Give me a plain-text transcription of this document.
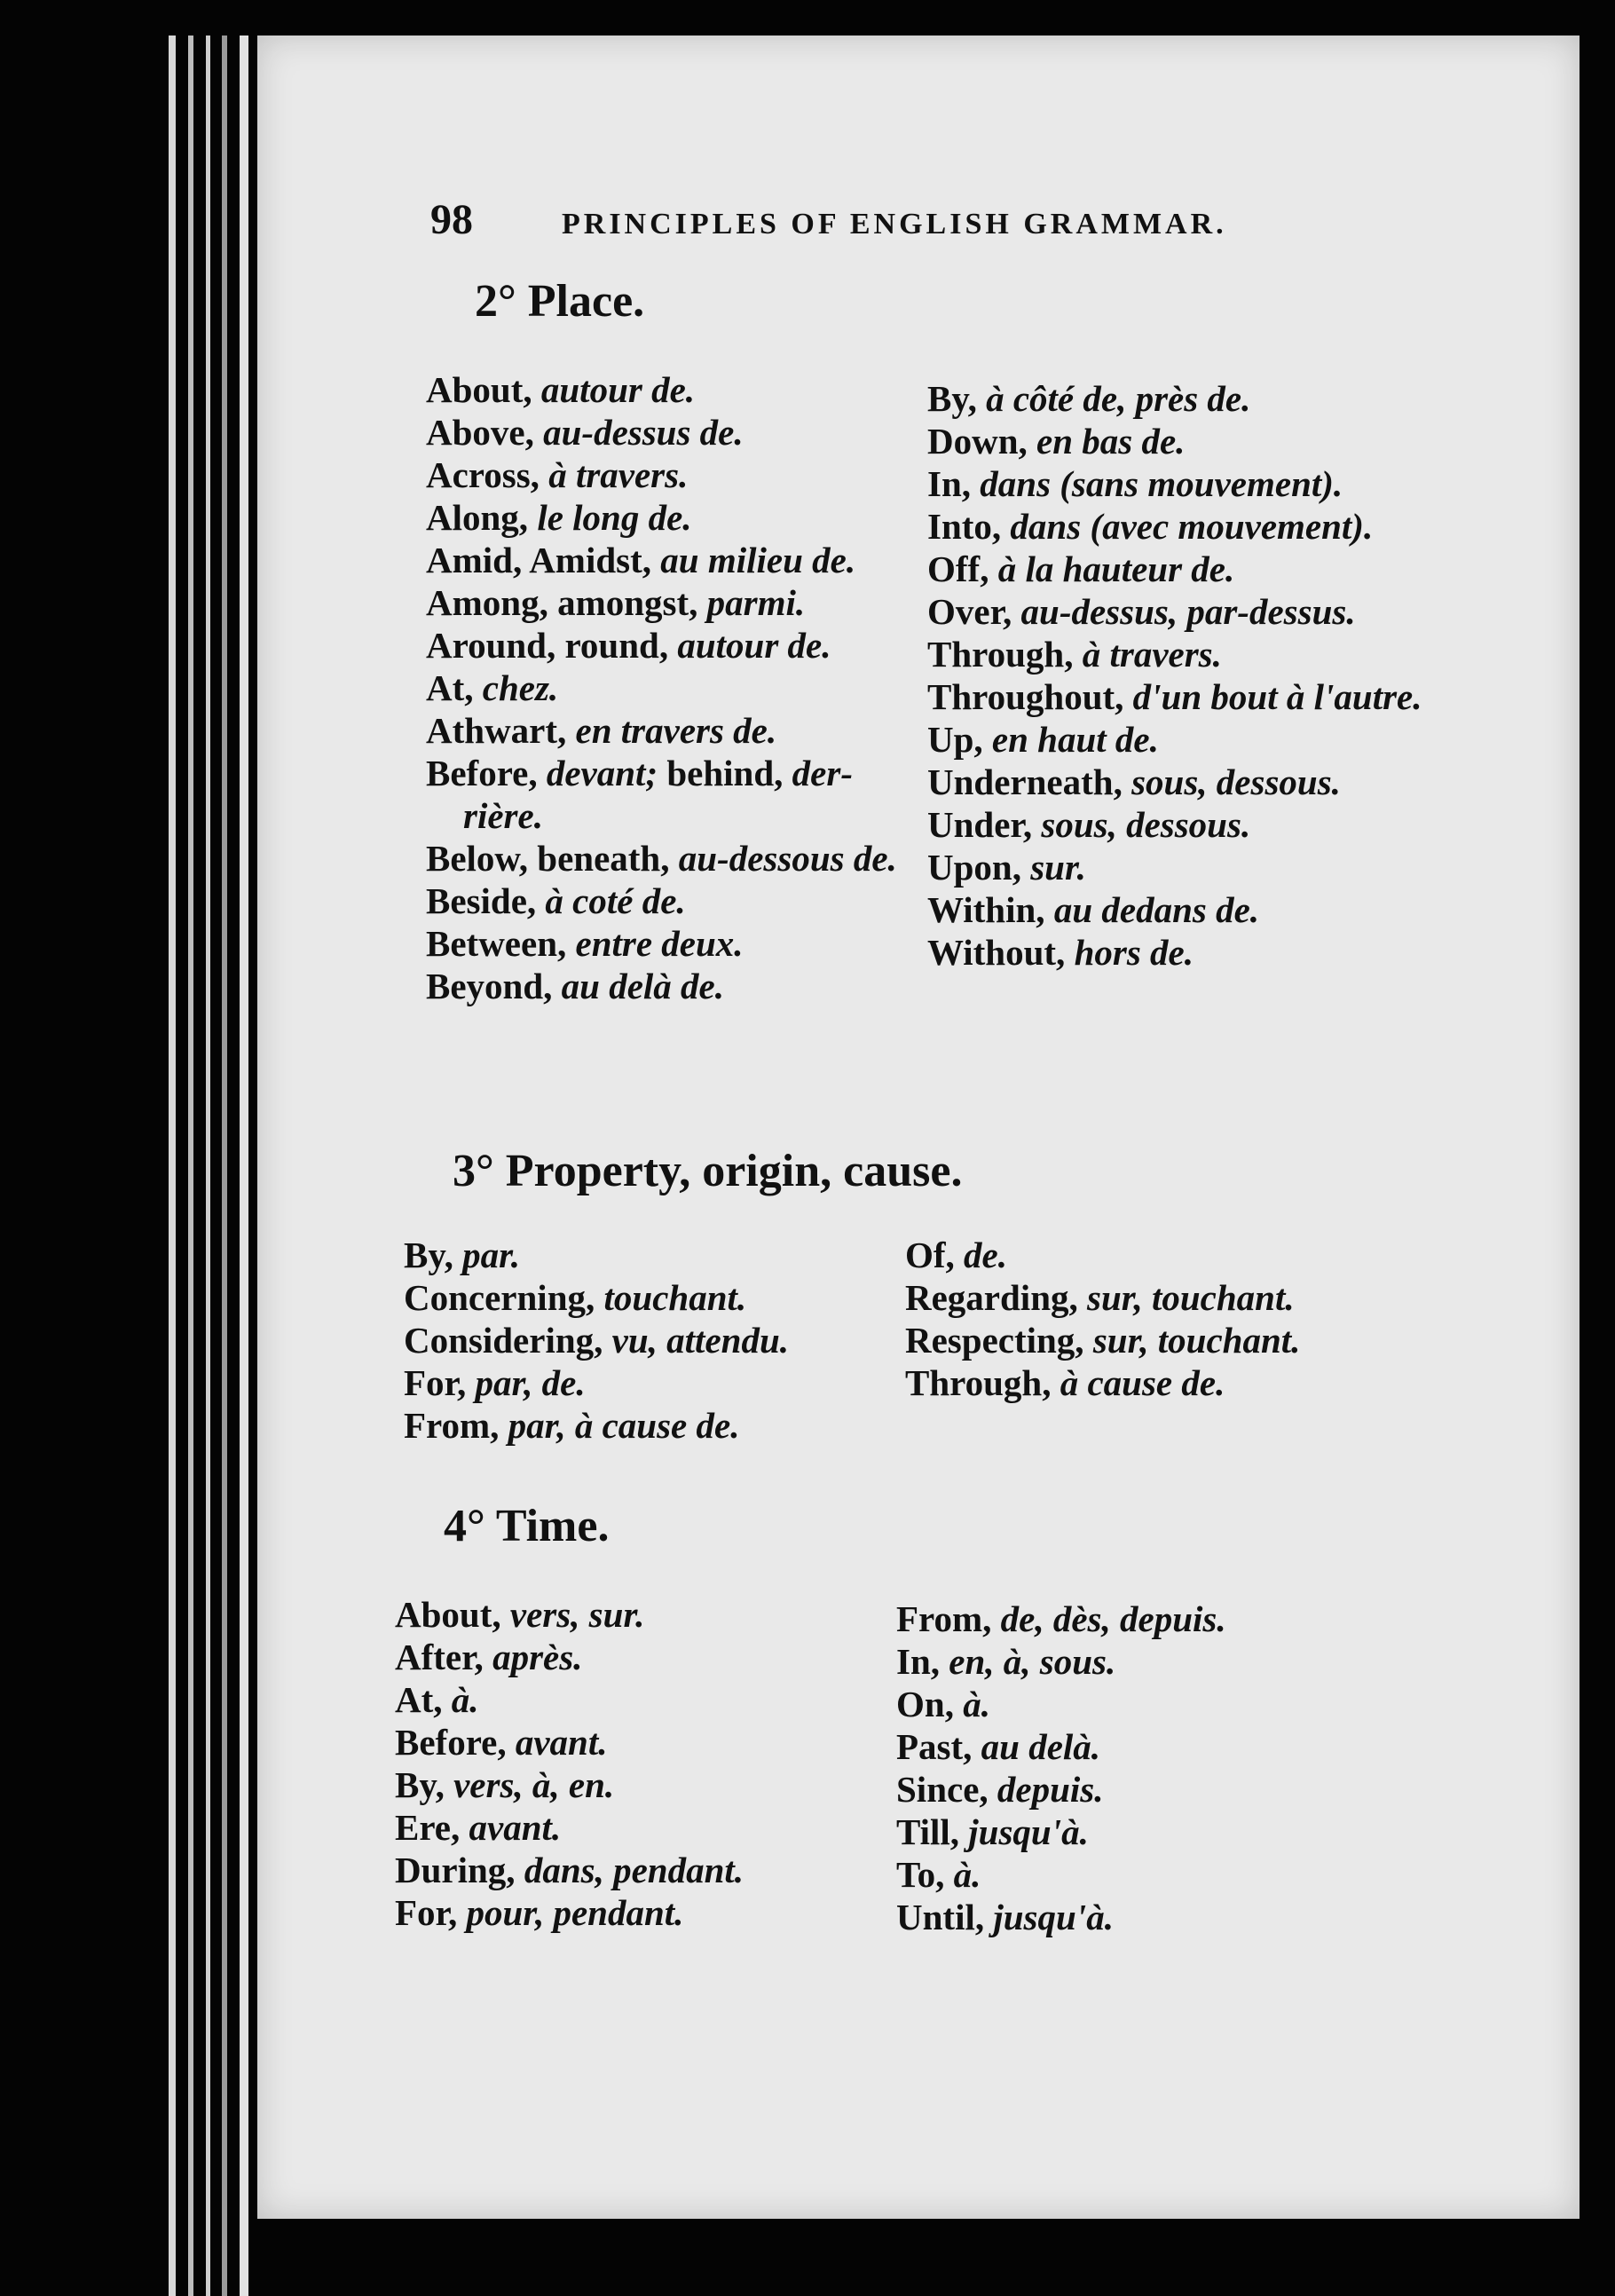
98	PRINCIPLES OF ENGLISH GRAMMAR.
2° Place.
About, autour de.
Above, au-dessus de.
Across, à travers.
Along, le long de.
Amid, Amidst, au milieu de.
Among, amongst, parmi.
Around, round, autour de.
At, chez.
Athwart, en travers de.
Before, devant; behind, der-
rière.
Below, beneath, au-dessous de.
Beside, à coté de.
Between, entre deux.
Beyond, au delà de.
By, à côté de, près de.
Down, en bas de.
In, dans (sans mouvement).
Into, dans (avec mouvement).
Off, à la hauteur de.
Over, au-dessus, par-dessus.
Through, à travers.
Throughout, d'un bout à l'autre.
Up, en haut de.
Underneath, sous, dessous.
Under, sous, dessous.
Upon, sur.
Within, au dedans de.
Without, hors de.
3° Property, origin, cause.
By, par.
Concerning, touchant.
Considering, vu, attendu.
For, par, de.
From, par, à cause de.
Of, de.
Regarding, sur, touchant.
Respecting, sur, touchant.
Through, à cause de.
4° Time.
About, vers, sur.
After, après.
At, à.
Before, avant.
By, vers, à, en.
Ere, avant.
During, dans, pendant.
For, pour, pendant.
From, de, dès, depuis.
In, en, à, sous.
On, à.
Past, au delà.
Since, depuis.
Till, jusqu'à.
To, à.
Until, jusqu'à.
